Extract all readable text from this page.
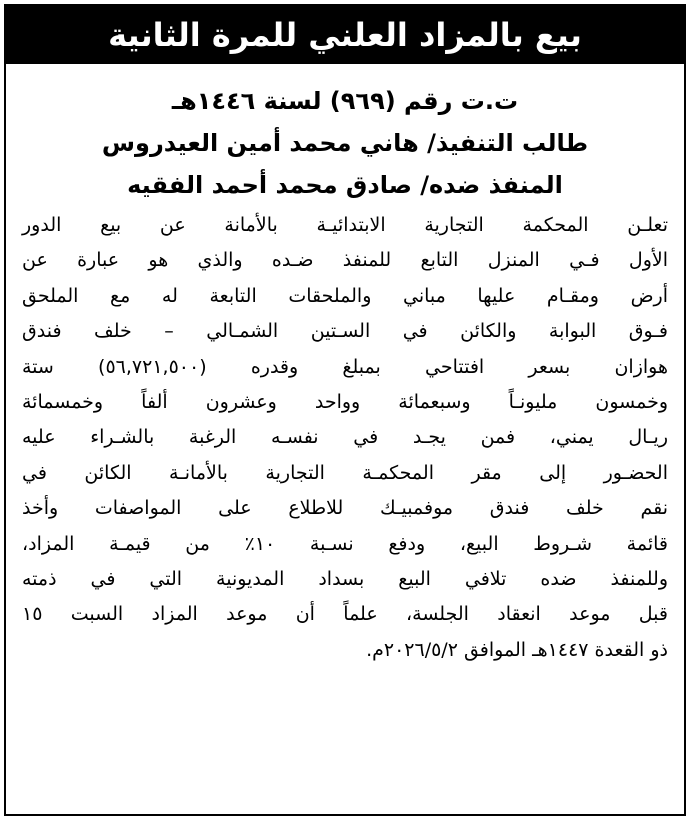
بيع بالمزاد العلني للمرة الثانية
ت.ت رقم (٩٦٩) لسنة ١٤٤٦هـ
طالب التنفيذ/ هاني محمد أمين العيدروس
المنفذ ضده/ صادق محمد أحمد الفقيه
تعلـن المحكمة التجارية الابتدائيـة بالأمانة عن بيع الدور
الأول فـي المنزل التابع للمنفذ ضـده والذي هو عبارة عن
أرض ومقـام عليها مباني والملحقات التابعة له مع الملحق
فـوق البوابة والكائن في السـتين الشمـالي – خلف فندق
هوازان بسعر افتتاحي بمبلغ وقدره (٥٦,٧٢١,٥٠٠) ستة
وخمسون مليونـاً وسبعمائة وواحد وعشرون ألفاً وخمسمائة
ريـال يمني، فمن يجـد في نفسـه الرغبة بالشـراء عليه
الحضـور إلى مقر المحكمـة التجارية بالأمانـة الكائن في
نقم خلف فندق موفمبيـك للاطلاع على المواصفات وأخذ
قائمة شـروط البيع، ودفع نسـبة ١٠٪ من قيمـة المزاد،
وللمنفذ ضده تلافي البيع بسداد المديونية التي في ذمته
قبل موعد انعقاد الجلسة، علماً أن موعد المزاد السبت ١٥
ذو القعدة ١٤٤٧هـ الموافق ٢٠٢٦/٥/٢م.
